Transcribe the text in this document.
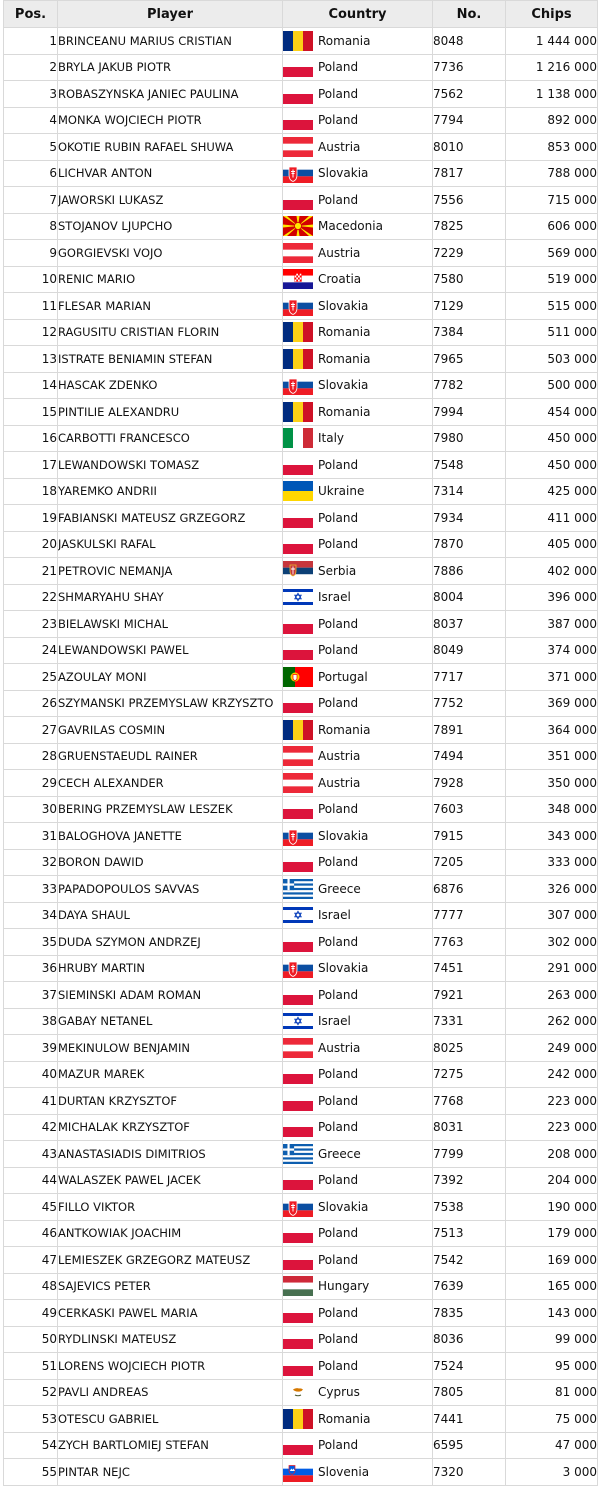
Pos.	Player	Country	No.	Chips
1	BRINCEANU MARIUS CRISTIAN	Romania	8048	1 444 000
2	BRYLA JAKUB PIOTR	Poland	7736	1 216 000
3	ROBASZYNSKA JANIEC PAULINA	Poland	7562	1 138 000
4	MONKA WOJCIECH PIOTR	Poland	7794	892 000
5	OKOTIE RUBIN RAFAEL SHUWA	Austria	8010	853 000
6	LICHVAR ANTON	Slovakia	7817	788 000
7	JAWORSKI LUKASZ	Poland	7556	715 000
8	STOJANOV LJUPCHO	Macedonia	7825	606 000
9	GORGIEVSKI VOJO	Austria	7229	569 000
10	RENIC MARIO	Croatia	7580	519 000
11	FLESAR MARIAN	Slovakia	7129	515 000
12	RAGUSITU CRISTIAN FLORIN	Romania	7384	511 000
13	ISTRATE BENIAMIN STEFAN	Romania	7965	503 000
14	HASCAK ZDENKO	Slovakia	7782	500 000
15	PINTILIE ALEXANDRU	Romania	7994	454 000
16	CARBOTTI FRANCESCO	Italy	7980	450 000
17	LEWANDOWSKI TOMASZ	Poland	7548	450 000
18	YAREMKO ANDRII	Ukraine	7314	425 000
19	FABIANSKI MATEUSZ GRZEGORZ	Poland	7934	411 000
20	JASKULSKI RAFAL	Poland	7870	405 000
21	PETROVIC NEMANJA	Serbia	7886	402 000
22	SHMARYAHU SHAY	Israel	8004	396 000
23	BIELAWSKI MICHAL	Poland	8037	387 000
24	LEWANDOWSKI PAWEL	Poland	8049	374 000
25	AZOULAY MONI	Portugal	7717	371 000
26	SZYMANSKI PRZEMYSLAW KRZYSZTO	Poland	7752	369 000
27	GAVRILAS COSMIN	Romania	7891	364 000
28	GRUENSTAEUDL RAINER	Austria	7494	351 000
29	CECH ALEXANDER	Austria	7928	350 000
30	BERING PRZEMYSLAW LESZEK	Poland	7603	348 000
31	BALOGHOVA JANETTE	Slovakia	7915	343 000
32	BORON DAWID	Poland	7205	333 000
33	PAPADOPOULOS SAVVAS	Greece	6876	326 000
34	DAYA SHAUL	Israel	7777	307 000
35	DUDA SZYMON ANDRZEJ	Poland	7763	302 000
36	HRUBY MARTIN	Slovakia	7451	291 000
37	SIEMINSKI ADAM ROMAN	Poland	7921	263 000
38	GABAY NETANEL	Israel	7331	262 000
39	MEKINULOW BENJAMIN	Austria	8025	249 000
40	MAZUR MAREK	Poland	7275	242 000
41	DURTAN KRZYSZTOF	Poland	7768	223 000
42	MICHALAK KRZYSZTOF	Poland	8031	223 000
43	ANASTASIADIS DIMITRIOS	Greece	7799	208 000
44	WALASZEK PAWEL JACEK	Poland	7392	204 000
45	FILLO VIKTOR	Slovakia	7538	190 000
46	ANTKOWIAK JOACHIM	Poland	7513	179 000
47	LEMIESZEK GRZEGORZ MATEUSZ	Poland	7542	169 000
48	SAJEVICS PETER	Hungary	7639	165 000
49	CERKASKI PAWEL MARIA	Poland	7835	143 000
50	RYDLINSKI MATEUSZ	Poland	8036	99 000
51	LORENS WOJCIECH PIOTR	Poland	7524	95 000
52	PAVLI ANDREAS	Cyprus	7805	81 000
53	OTESCU GABRIEL	Romania	7441	75 000
54	ZYCH BARTLOMIEJ STEFAN	Poland	6595	47 000
55	PINTAR NEJC	Slovenia	7320	3 000
